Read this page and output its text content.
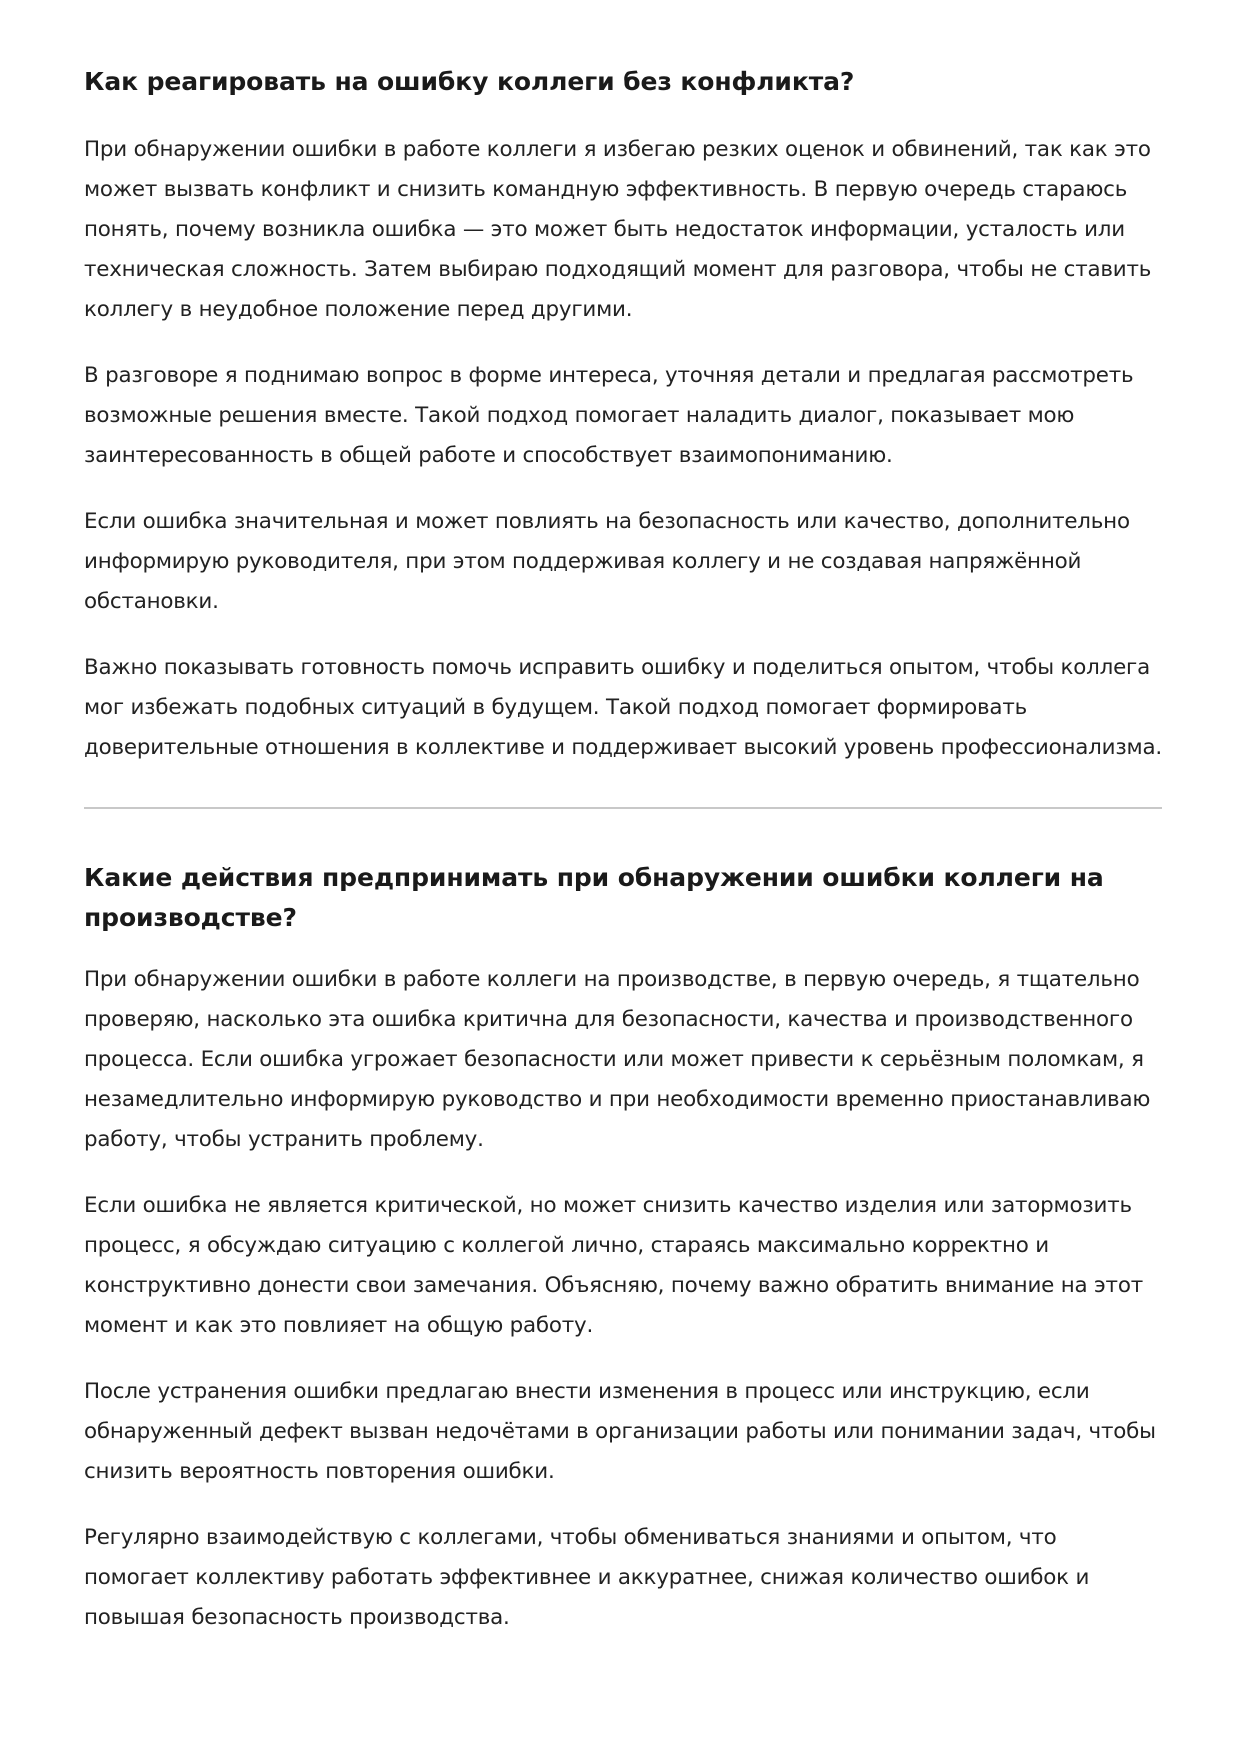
Как реагировать на ошибку коллеги без конфликта?

При обнаружении ошибки в работе коллеги я избегаю резких оценок и обвинений, так как это может вызвать конфликт и снизить командную эффективность. В первую очередь стараюсь понять, почему возникла ошибка — это может быть недостаток информации, усталость или техническая сложность. Затем выбираю подходящий момент для разговора, чтобы не ставить коллегу в неудобное положение перед другими.

В разговоре я поднимаю вопрос в форме интереса, уточняя детали и предлагая рассмотреть возможные решения вместе. Такой подход помогает наладить диалог, показывает мою заинтересованность в общей работе и способствует взаимопониманию.

Если ошибка значительная и может повлиять на безопасность или качество, дополнительно информирую руководителя, при этом поддерживая коллегу и не создавая напряжённой обстановки.

Важно показывать готовность помочь исправить ошибку и поделиться опытом, чтобы коллега мог избежать подобных ситуаций в будущем. Такой подход помогает формировать доверительные отношения в коллективе и поддерживает высокий уровень профессионализма.

Какие действия предпринимать при обнаружении ошибки коллеги на производстве?

При обнаружении ошибки в работе коллеги на производстве, в первую очередь, я тщательно проверяю, насколько эта ошибка критична для безопасности, качества и производственного процесса. Если ошибка угрожает безопасности или может привести к серьёзным поломкам, я незамедлительно информирую руководство и при необходимости временно приостанавливаю работу, чтобы устранить проблему.

Если ошибка не является критической, но может снизить качество изделия или затормозить процесс, я обсуждаю ситуацию с коллегой лично, стараясь максимально корректно и конструктивно донести свои замечания. Объясняю, почему важно обратить внимание на этот момент и как это повлияет на общую работу.

После устранения ошибки предлагаю внести изменения в процесс или инструкцию, если обнаруженный дефект вызван недочётами в организации работы или понимании задач, чтобы снизить вероятность повторения ошибки.

Регулярно взаимодействую с коллегами, чтобы обмениваться знаниями и опытом, что помогает коллективу работать эффективнее и аккуратнее, снижая количество ошибок и повышая безопасность производства.
